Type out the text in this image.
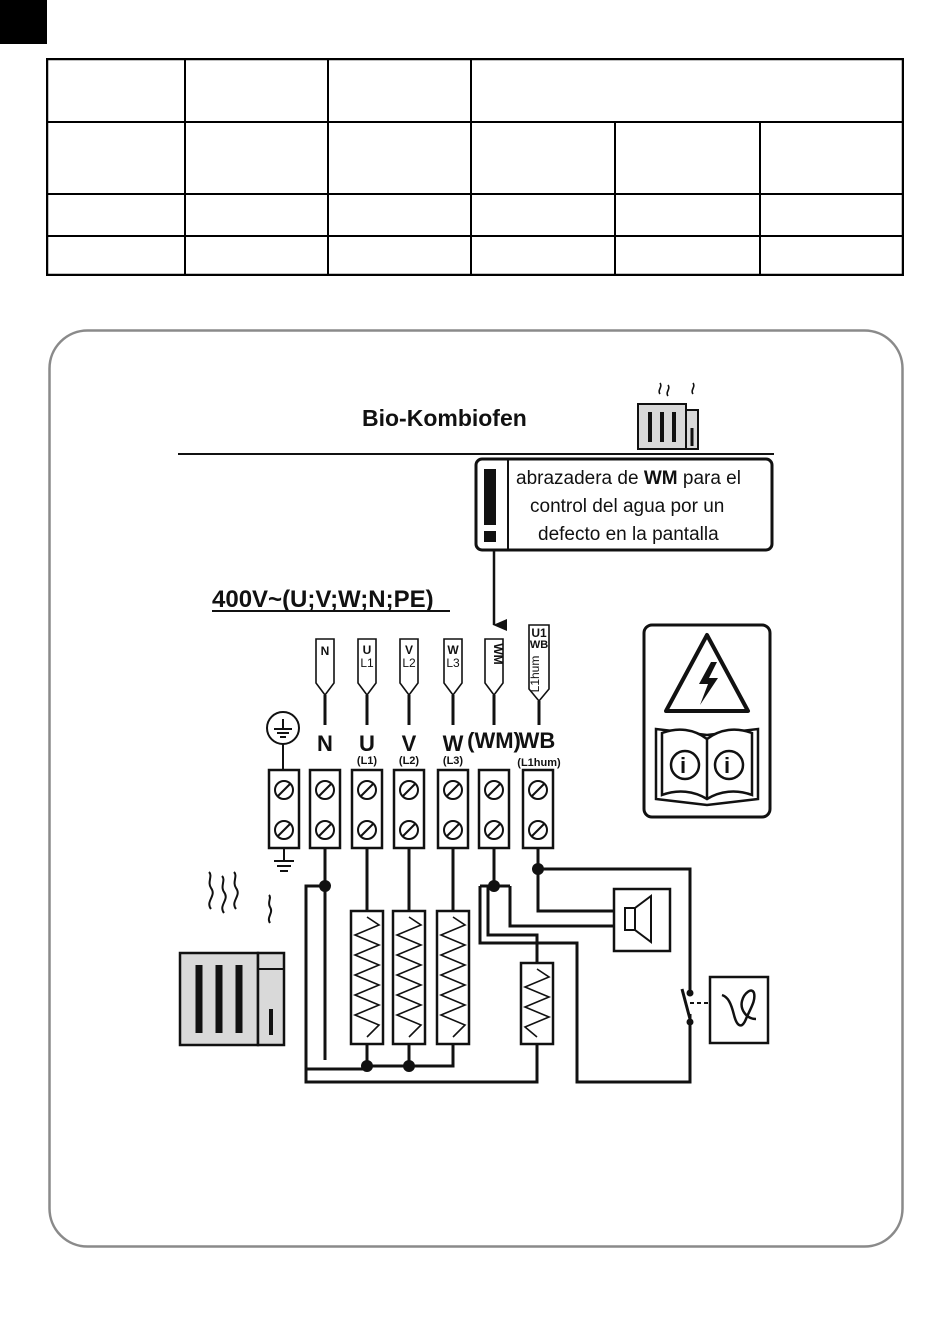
Bio-Kombiofen
abrazadera de WM para el
control del agua por un
defecto en la pantalla
400V~(U;V;W;N;PE)
i i
N	U
L1
V
L2
W
L3	WM
U1
WB
L1hum
N U
(L1)
V
(L2)
W
(L3)
(WM)
WB
(L1hum)
